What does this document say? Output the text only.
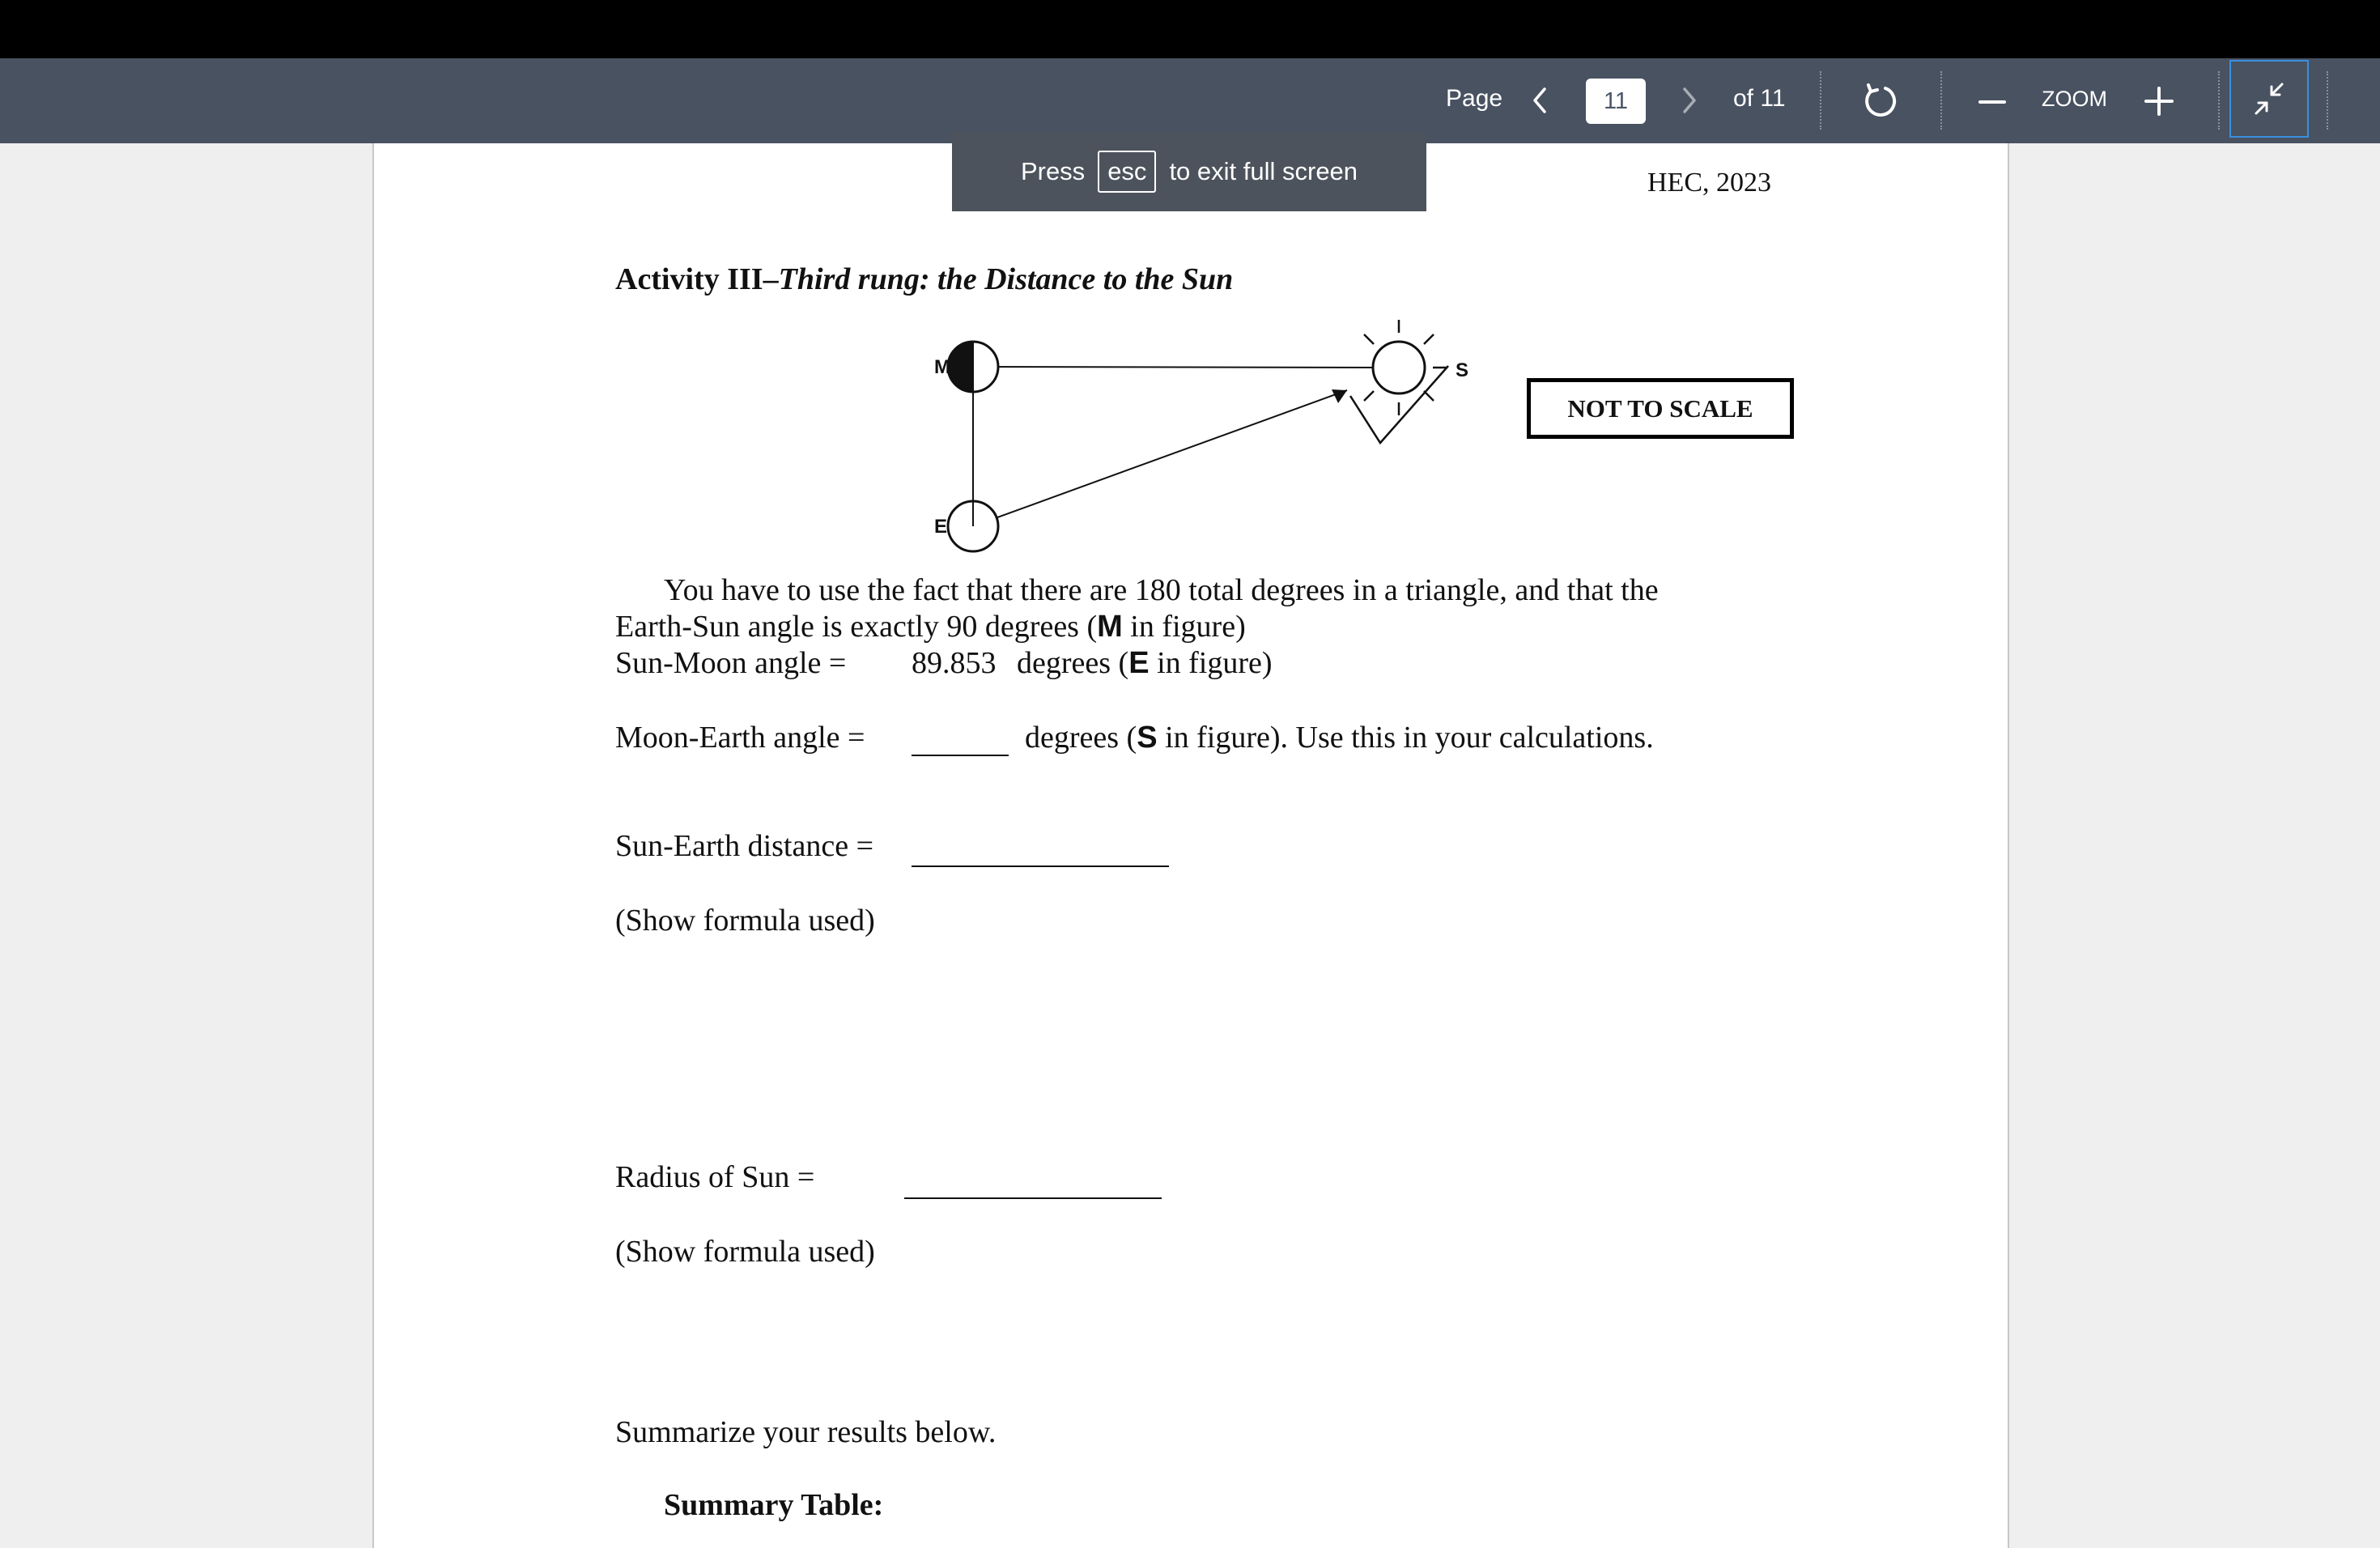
Page	11	of 11	ZOOM
HEC, 2023
Activity III–Third rung: the Distance to the Sun
M
E
S
NOT TO SCALE
You have to use the fact that there are 180 total degrees in a triangle, and that the
Earth-Sun angle is exactly 90 degrees (M in figure)
Sun-Moon angle = 89.853 degrees (E in figure)
Moon-Earth angle =	degrees (S in figure). Use this in your calculations.
Sun-Earth distance =
(Show formula used)
Radius of Sun =
(Show formula used)
Summarize your results below.
Summary Table:
Press esc to exit full screen
